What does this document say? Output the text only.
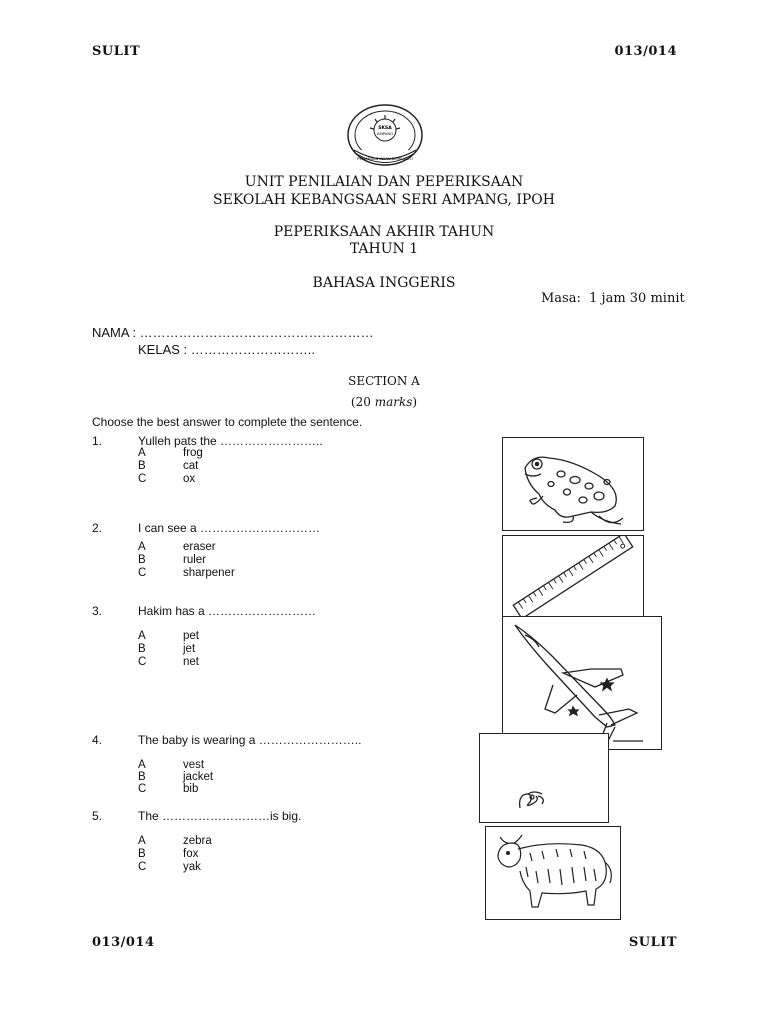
SULIT	013/014
SKSA
AMPANG
PENJANAAN INSAN BERKUALITI
UNIT PENILAIAN DAN PEPERIKSAAN
SEKOLAH KEBANGSAAN SERI AMPANG, IPOH
PEPERIKSAAN AKHIR TAHUN
TAHUN 1
BAHASA INGGERIS
Masa: 1 jam 30 minit
NAMA : ………………………………………………
KELAS : ………………………..
SECTION A
(20 marks)
Choose the best answer to complete the sentence.
1.	Yulleh pats the ……………………..
A	frog
B	cat
C	ox
2.	I can see a …………………………
A	eraser
B	ruler
C	sharpener
3.	Hakim has a ………………………
A	pet
B	jet
C	net
4.	The baby is wearing a ……………………..
A	vest
B	jacket
C	bib
5.	The ………………………is big.
A	zebra
B	fox
C	yak
013/014	SULIT
